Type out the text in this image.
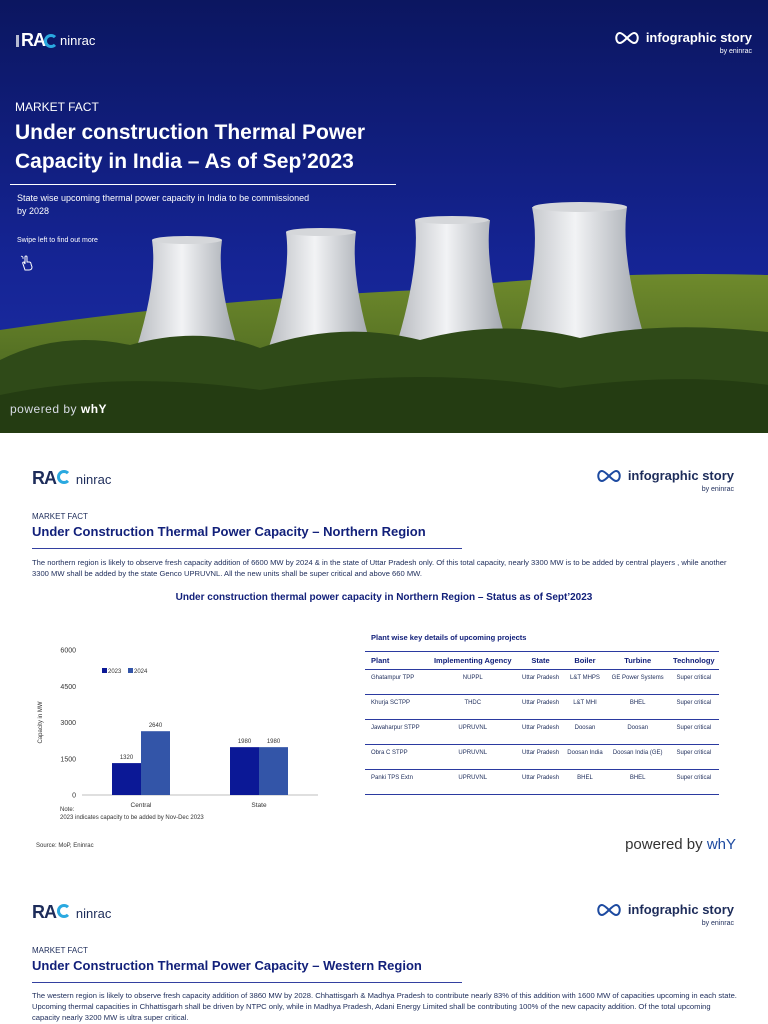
RA ninrac	infographic story
by eninrac
MARKET FACT
Under construction Thermal Power Capacity in India – As of Sep’2023
State wise upcoming thermal power capacity in India to be commissioned by 2028
Swipe left to find out more
powered by whY
RA ninrac	infographic story
by eninrac
MARKET FACT
Under Construction Thermal Power Capacity – Northern Region
The northern region is likely to observe fresh capacity addition of 6600 MW by 2024 & in the state of Uttar Pradesh only. Of this total capacity, nearly 3300 MW is to be added by central players , while another 3300 MW shall be added by the state Genco UPRUVNL. All the new units shall be super critical and above 660 MW.
Under construction thermal power capacity in Northern Region – Status as of Sept’2023
Capacity in MW
0
1500
3000
4500
6000
2023 2024
1320
2640
Central
1980	1980
State
Note:
2023 indicates capacity to be added by Nov-Dec 2023
Source: MoP, Eninrac
Plant wise key details of upcoming projects
Plant	Implementing Agency	State	Boiler	Turbine	Technology
Ghatampur TPP	NUPPL	Uttar Pradesh	L&T MHPS	GE Power Systems	Super critical
Khurja SCTPP	THDC	Uttar Pradesh	L&T MHI	BHEL	Super critical
Jawaharpur STPP	UPRUVNL	Uttar Pradesh	Doosan	Doosan	Super critical
Obra C STPP	UPRUVNL	Uttar Pradesh	Doosan India	Doosan India (GE)	Super critical
Panki TPS Extn	UPRUVNL	Uttar Pradesh	BHEL	BHEL	Super critical
powered by whY
RA ninrac	infographic story
by eninrac
MARKET FACT
Under Construction Thermal Power Capacity – Western Region
The western region is likely to observe fresh capacity addition of 3860 MW by 2028. Chhattisgarh & Madhya Pradesh to contribute nearly 83% of this addition with 1600 MW of capacities upcoming in each state. Upcoming thermal capacities in Chhattisgarh shall be driven by NTPC only, while in Madhya Pradesh, Adani Energy Limited shall be contributing 100% of the new capacity addition. Of the total upcoming capacity nearly 3200 MW is ultra super critical.
